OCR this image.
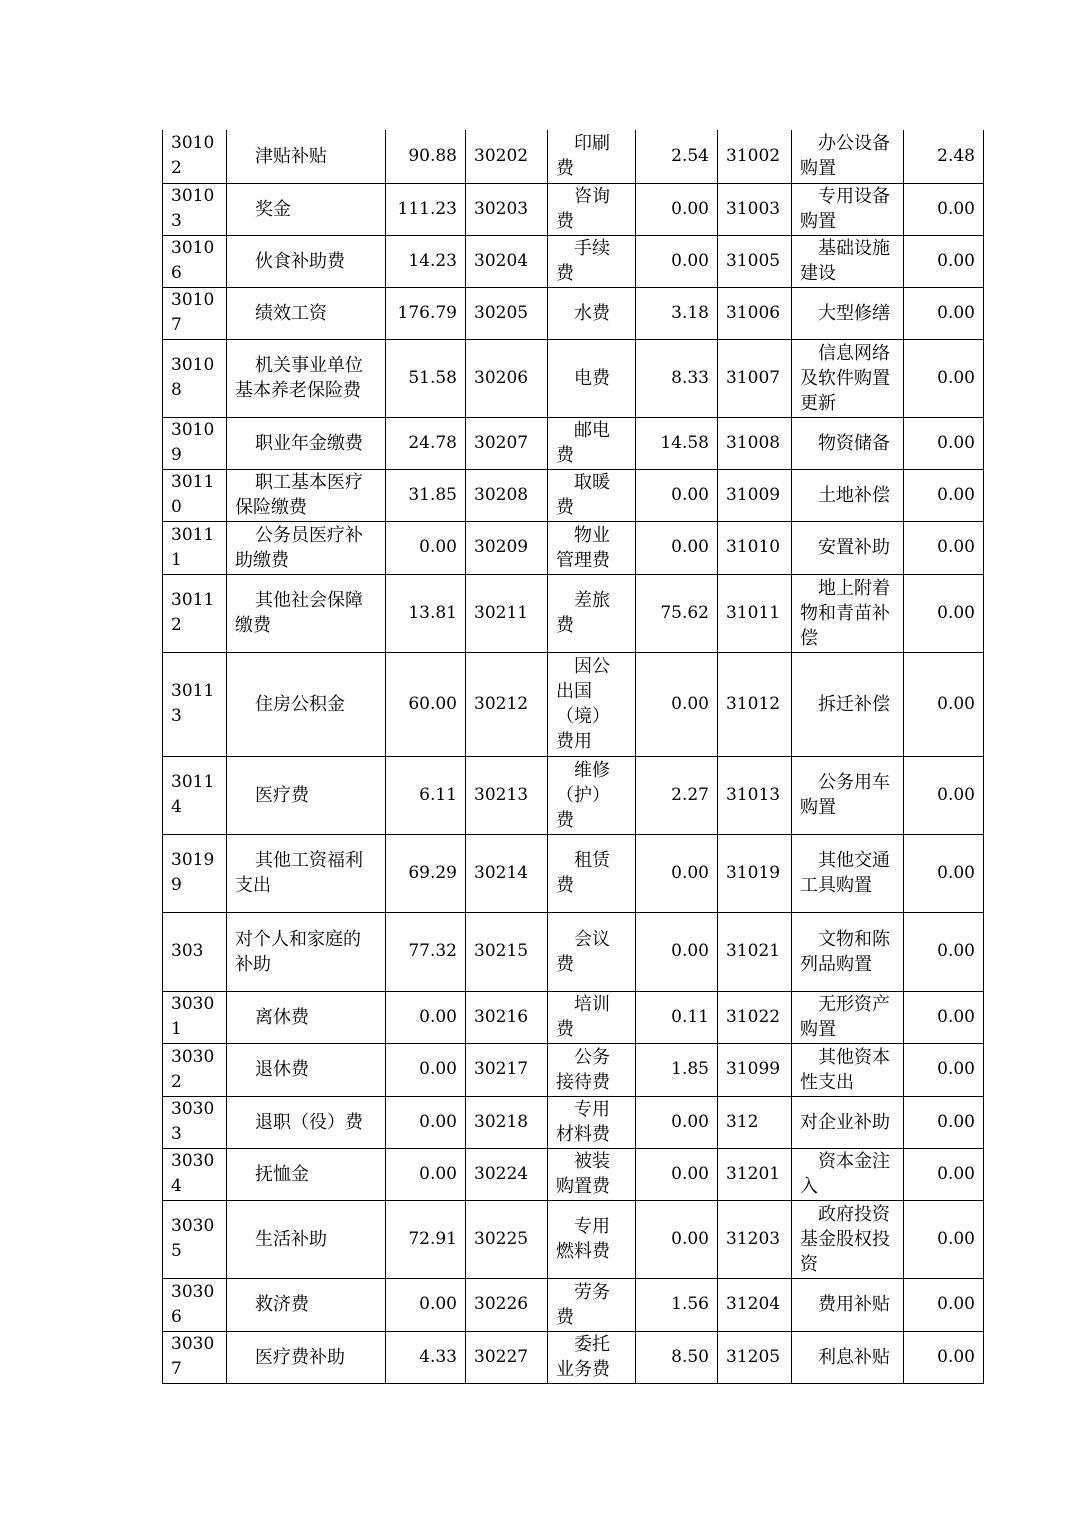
30102	津贴补贴	90.88	30202	印刷费	2.54	31002	办公设备购置	2.48
30103	奖金	111.23	30203	咨询费	0.00	31003	专用设备购置	0.00
30106	伙食补助费	14.23	30204	手续费	0.00	31005	基础设施建设	0.00
30107	绩效工资	176.79	30205	水费	3.18	31006	大型修缮	0.00
30108	机关事业单位基本养老保险费	51.58	30206	电费	8.33	31007	信息网络及软件购置更新	0.00
30109	职业年金缴费	24.78	30207	邮电费	14.58	31008	物资储备	0.00
30110	职工基本医疗保险缴费	31.85	30208	取暖费	0.00	31009	土地补偿	0.00
30111	公务员医疗补助缴费	0.00	30209	物业管理费	0.00	31010	安置补助	0.00
30112	其他社会保障缴费	13.81	30211	差旅费	75.62	31011	地上附着物和青苗补偿	0.00
30113	住房公积金	60.00	30212	因公出国（境）费用	0.00	31012	拆迁补偿	0.00
30114	医疗费	6.11	30213	维修（护）费	2.27	31013	公务用车购置	0.00
30199	其他工资福利支出	69.29	30214	租赁费	0.00	31019	其他交通工具购置	0.00
303	对个人和家庭的补助	77.32	30215	会议费	0.00	31021	文物和陈列品购置	0.00
30301	离休费	0.00	30216	培训费	0.11	31022	无形资产购置	0.00
30302	退休费	0.00	30217	公务接待费	1.85	31099	其他资本性支出	0.00
30303	退职（役）费	0.00	30218	专用材料费	0.00	312	对企业补助	0.00
30304	抚恤金	0.00	30224	被装购置费	0.00	31201	资本金注入	0.00
30305	生活补助	72.91	30225	专用燃料费	0.00	31203	政府投资基金股权投资	0.00
30306	救济费	0.00	30226	劳务费	1.56	31204	费用补贴	0.00
30307	医疗费补助	4.33	30227	委托业务费	8.50	31205	利息补贴	0.00
